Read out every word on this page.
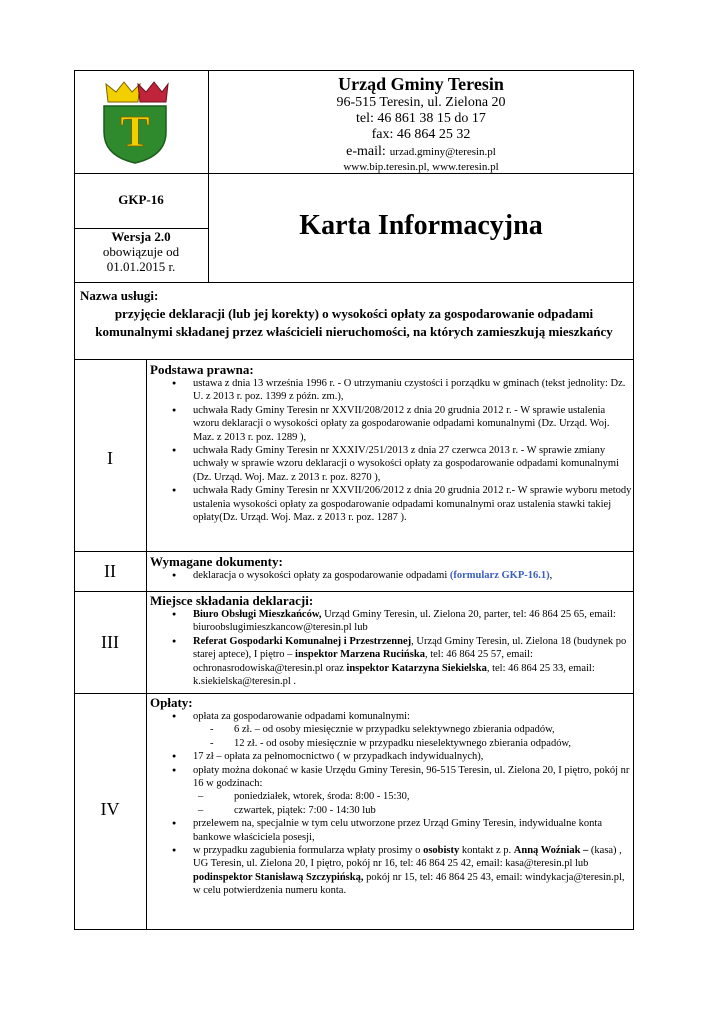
T
Urząd Gminy Teresin
96-515 Teresin, ul. Zielona 20
tel: 46 861 38 15 do 17
fax: 46 864 25 32
e-mail: urzad.gminy@teresin.pl
www.bip.teresin.pl, www.teresin.pl
GKP-16
Wersja 2.0
obowiązuje od
01.01.2015 r.
Karta Informacyjna
Nazwa usługi:
przyjęcie deklaracji (lub jej korekty) o wysokości opłaty za gospodarowanie odpadami komunalnymi składanej przez właścicieli nieruchomości, na których zamieszkują mieszkańcy
I
Podstawa prawna:
● ustawa z dnia 13 września 1996 r. - O utrzymaniu czystości i porządku w gminach (tekst jednolity: Dz. U. z 2013 r. poz. 1399 z późn. zm.),
● uchwała Rady Gminy Teresin nr XXVII/208/2012 z dnia 20 grudnia 2012 r. - W sprawie ustalenia wzoru deklaracji o wysokości opłaty za gospodarowanie odpadami komunalnymi (Dz. Urząd. Woj. Maz. z 2013 r. poz. 1289 ),
● uchwała Rady Gminy Teresin nr XXXIV/251/2013 z dnia 27 czerwca 2013 r. - W sprawie zmiany uchwały w sprawie wzoru deklaracji o wysokości opłaty za gospodarowanie odpadami komunalnymi (Dz. Urząd. Woj. Maz. z 2013 r. poz. 8270 ),
● uchwała Rady Gminy Teresin nr XXVII/206/2012 z dnia 20 grudnia 2012 r.- W sprawie wyboru metody ustalenia wysokości opłaty za gospodarowanie odpadami komunalnymi oraz ustalenia stawki takiej opłaty(Dz. Urząd. Woj. Maz. z 2013 r. poz. 1287 ).
II	Wymagane dokumenty:
● deklaracja o wysokości opłaty za gospodarowanie odpadami (formularz GKP-16.1),
III
Miejsce składania deklaracji:
● Biuro Obsługi Mieszkańców, Urząd Gminy Teresin, ul. Zielona 20, parter, tel: 46 864 25 65, email: biuroobslugimieszkancow@teresin.pl lub
● Referat Gospodarki Komunalnej i Przestrzennej, Urząd Gminy Teresin, ul. Zielona 18 (budynek po starej aptece), I piętro – inspektor Marzena Rucińska, tel: 46 864 25 57, email: ochronasrodowiska@teresin.pl oraz inspektor Katarzyna Siekielska, tel: 46 864 25 33, email: k.siekielska@teresin.pl .
IV
Opłaty:
● opłata za gospodarowanie odpadami komunalnymi:
- 6 zł. – od osoby miesięcznie w przypadku selektywnego zbierania odpadów,
- 12 zł. - od osoby miesięcznie w przypadku nieselektywnego zbierania odpadów,
● 17 zł – opłata za pełnomocnictwo ( w przypadkach indywidualnych),
● opłaty można dokonać w kasie Urzędu Gminy Teresin, 96-515 Teresin, ul. Zielona 20, I piętro, pokój nr 16 w godzinach:
– poniedziałek, wtorek, środa: 8:00 - 15:30,
– czwartek, piątek: 7:00 - 14:30 lub
● przelewem na, specjalnie w tym celu utworzone przez Urząd Gminy Teresin, indywidualne konta bankowe właściciela posesji,
● w przypadku zagubienia formularza wpłaty prosimy o osobisty kontakt z p. Anną Woźniak – (kasa) , UG Teresin, ul. Zielona 20, I piętro, pokój nr 16, tel: 46 864 25 42, email: kasa@teresin.pl lub podinspektor Stanisławą Szczypińską, pokój nr 15, tel: 46 864 25 43, email: windykacja@teresin.pl, w celu potwierdzenia numeru konta.
